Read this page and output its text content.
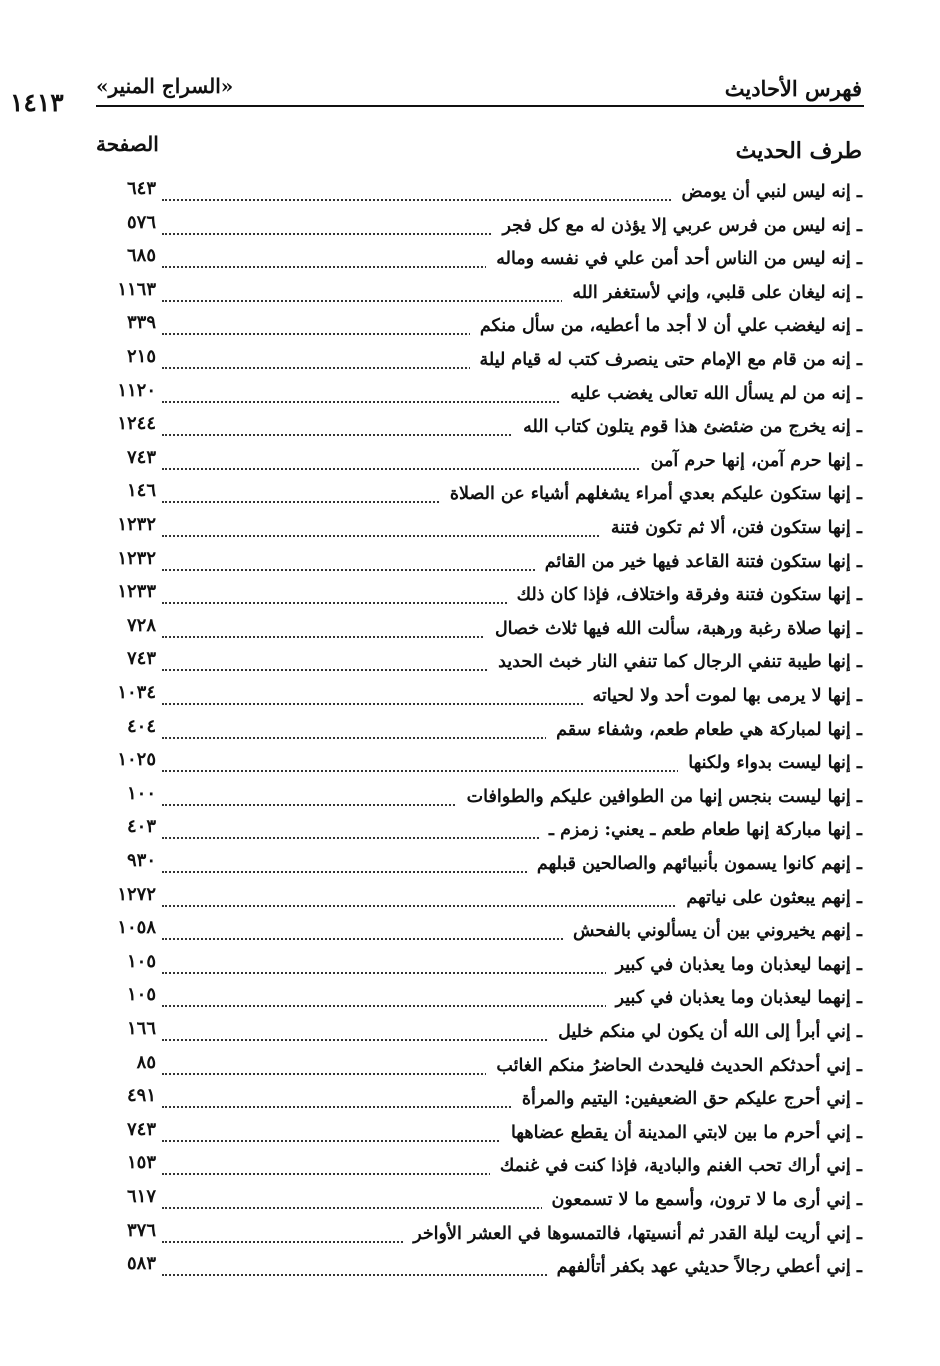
فهرس الأحاديث
«السراج المنير»
١٤١٣
طرف الحديث
الصفحة
ـ إنه ليس لنبي أن يومض
٦٤٣
ـ إنه ليس من فرس عربي إلا يؤذن له مع كل فجر
٥٧٦
ـ إنه ليس من الناس أحد أمن علي في نفسه وماله
٦٨٥
ـ إنه ليغان على قلبي، وإني لأستغفر الله
١١٦٣
ـ إنه ليغضب علي أن لا أجد ما أعطيه، من سأل منكم
٣٣٩
ـ إنه من قام مع الإمام حتى ينصرف كتب له قيام ليلة
٢١٥
ـ إنه من لم يسأل الله تعالى يغضب عليه
١١٢٠
ـ إنه يخرج من ضئضئ هذا قوم يتلون كتاب الله
١٢٤٤
ـ إنها حرم آمن، إنها حرم آمن
٧٤٣
ـ إنها ستكون عليكم بعدي أمراء يشغلهم أشياء عن الصلاة
١٤٦
ـ إنها ستكون فتن، ألا ثم تكون فتنة
١٢٣٢
ـ إنها ستكون فتنة القاعد فيها خير من القائم
١٢٣٢
ـ إنها ستكون فتنة وفرقة واختلاف، فإذا كان ذلك
١٢٣٣
ـ إنها صلاة رغبة ورهبة، سألت الله فيها ثلاث خصال
٧٢٨
ـ إنها طيبة تنفي الرجال كما تنفي النار خبث الحديد
٧٤٣
ـ إنها لا يرمى بها لموت أحد ولا لحياته
١٠٣٤
ـ إنها لمباركة هي طعام طعم، وشفاء سقم
٤٠٤
ـ إنها ليست بدواء ولكنها
١٠٢٥
ـ إنها ليست بنجس إنها من الطوافين عليكم والطوافات
١٠٠
ـ إنها مباركة إنها طعام طعم ـ يعني: زمزم ـ
٤٠٣
ـ إنهم كانوا يسمون بأنبيائهم والصالحين قبلهم
٩٣٠
ـ إنهم يبعثون على نياتهم
١٢٧٢
ـ إنهم يخيروني بين أن يسألوني بالفحش
١٠٥٨
ـ إنهما ليعذبان وما يعذبان في كبير
١٠٥
ـ إنهما ليعذبان وما يعذبان في كبير
١٠٥
ـ إني أبرأ إلى الله أن يكون لي منكم خليل
١٦٦
ـ إني أحدثكم الحديث فليحدث الحاضرُ منكم الغائب
٨٥
ـ إني أحرج عليكم حق الضعيفين: اليتيم والمرأة
٤٩١
ـ إني أحرم ما بين لابتي المدينة أن يقطع عضاهها
٧٤٣
ـ إني أراك تحب الغنم والبادية، فإذا كنت في غنمك
١٥٣
ـ إني أرى ما لا ترون، وأسمع ما لا تسمعون
٦١٧
ـ إني أريت ليلة القدر ثم أنسيتها، فالتمسوها في العشر الأواخر
٣٧٦
ـ إني أعطي رجالاً حديثي عهد بكفر أتألفهم
٥٨٣
